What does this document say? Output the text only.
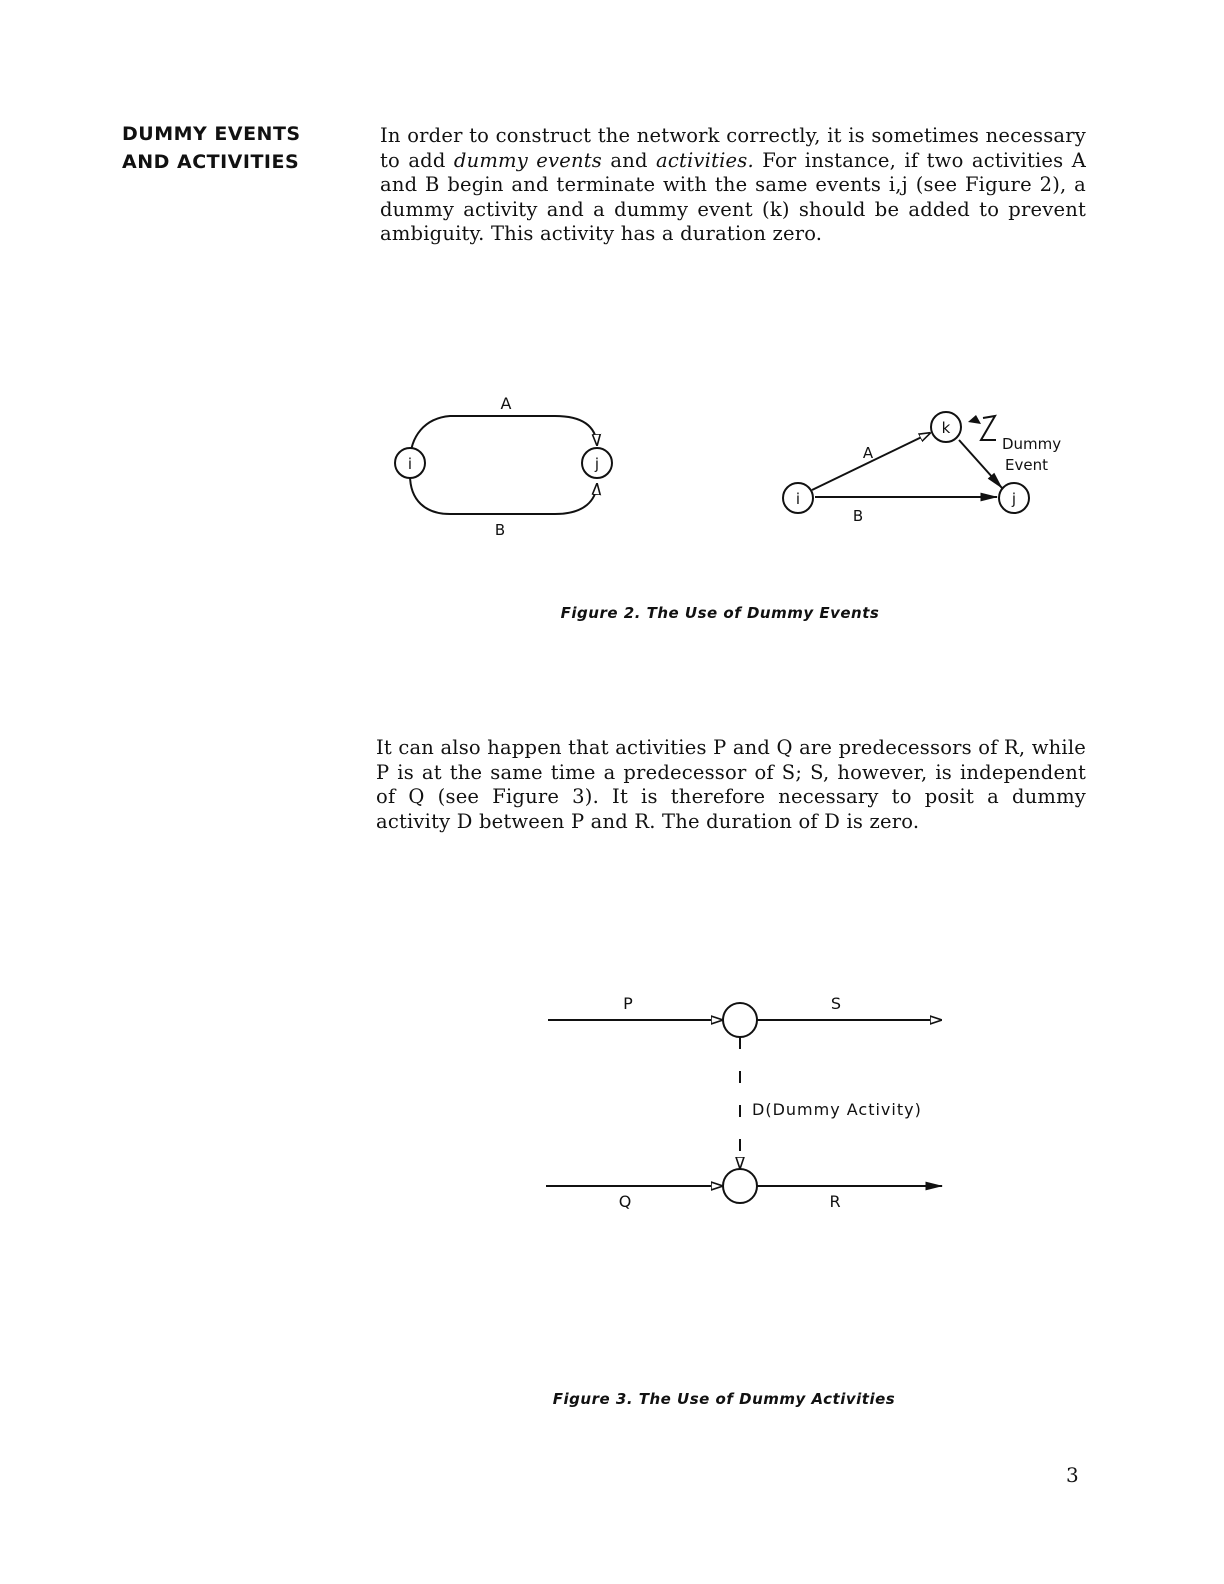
DUMMY EVENTS
AND ACTIVITIES

In order to construct the network correctly, it is sometimes necessary to add dummy events and activities. For instance, if two activities A and B begin and terminate with the same events i,j (see Figure 2), a dummy activity and a dummy event (k) should be added to prevent ambiguity. This activity has a duration zero.

i	j
A
B
i
k
j
A
B
Dummy
Event
P	S
Q	R
D(Dummy Activity)
Figure 2. The Use of Dummy Events

It can also happen that activities P and Q are predecessors of R, while P is at the same time a predecessor of S; S, however, is independent of Q (see Figure 3). It is therefore necessary to posit a dummy activity D between P and R. The duration of D is zero.

Figure 3. The Use of Dummy Activities
3
